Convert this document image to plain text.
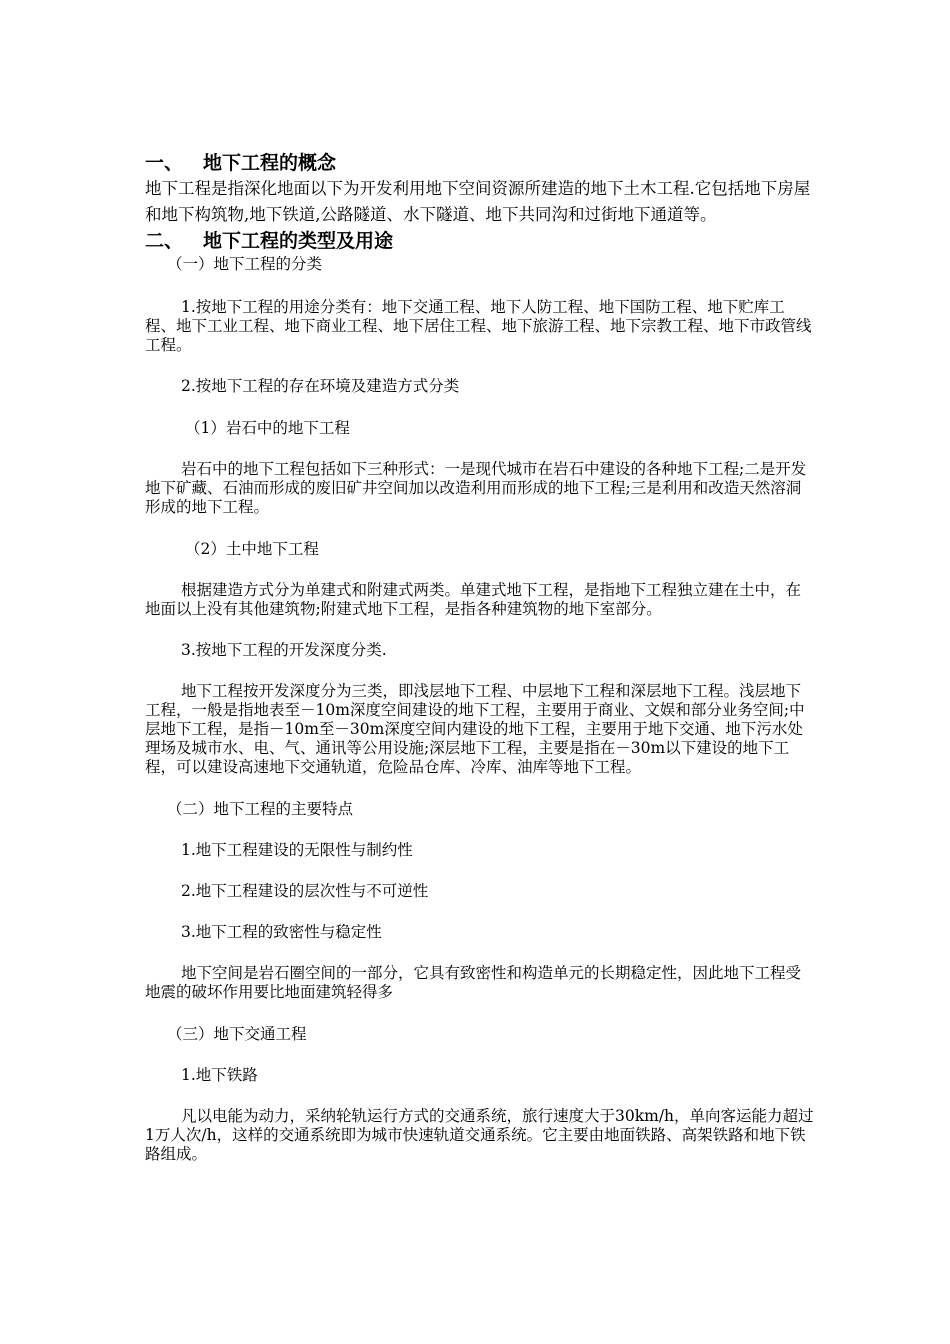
一、 地下工程的概念

地下工程是指深化地面以下为开发利用地下空间资源所建造的地下土木工程.它包括地下房屋和地下构筑物,地下铁道,公路隧道、水下隧道、地下共同沟和过街地下通道等。

二、 地下工程的类型及用途

（一）地下工程的分类

1.按地下工程的用途分类有：地下交通工程、地下人防工程、地下国防工程、地下贮库工程、地下工业工程、地下商业工程、地下居住工程、地下旅游工程、地下宗教工程、地下市政管线工程。

2.按地下工程的存在环境及建造方式分类

（1）岩石中的地下工程

岩石中的地下工程包括如下三种形式：一是现代城市在岩石中建设的各种地下工程;二是开发地下矿藏、石油而形成的废旧矿井空间加以改造利用而形成的地下工程;三是利用和改造天然溶洞形成的地下工程。

（2）土中地下工程

根据建造方式分为单建式和附建式两类。单建式地下工程，是指地下工程独立建在土中，在地面以上没有其他建筑物;附建式地下工程，是指各种建筑物的地下室部分。

3.按地下工程的开发深度分类.

地下工程按开发深度分为三类，即浅层地下工程、中层地下工程和深层地下工程。浅层地下工程，一般是指地表至－10m深度空间建设的地下工程，主要用于商业、文娱和部分业务空间;中层地下工程，是指－10m至－30m深度空间内建设的地下工程，主要用于地下交通、地下污水处理场及城市水、电、气、通讯等公用设施;深层地下工程，主要是指在－30m以下建设的地下工程，可以建设高速地下交通轨道，危险品仓库、冷库、油库等地下工程。

（二）地下工程的主要特点

1.地下工程建设的无限性与制约性

2.地下工程建设的层次性与不可逆性

3.地下工程的致密性与稳定性

地下空间是岩石圈空间的一部分，它具有致密性和构造单元的长期稳定性，因此地下工程受地震的破坏作用要比地面建筑轻得多

（三）地下交通工程

1.地下铁路

凡以电能为动力，采纳轮轨运行方式的交通系统，旅行速度大于30km/h，单向客运能力超过1万人次/h，这样的交通系统即为城市快速轨道交通系统。它主要由地面铁路、高架铁路和地下铁路组成。
